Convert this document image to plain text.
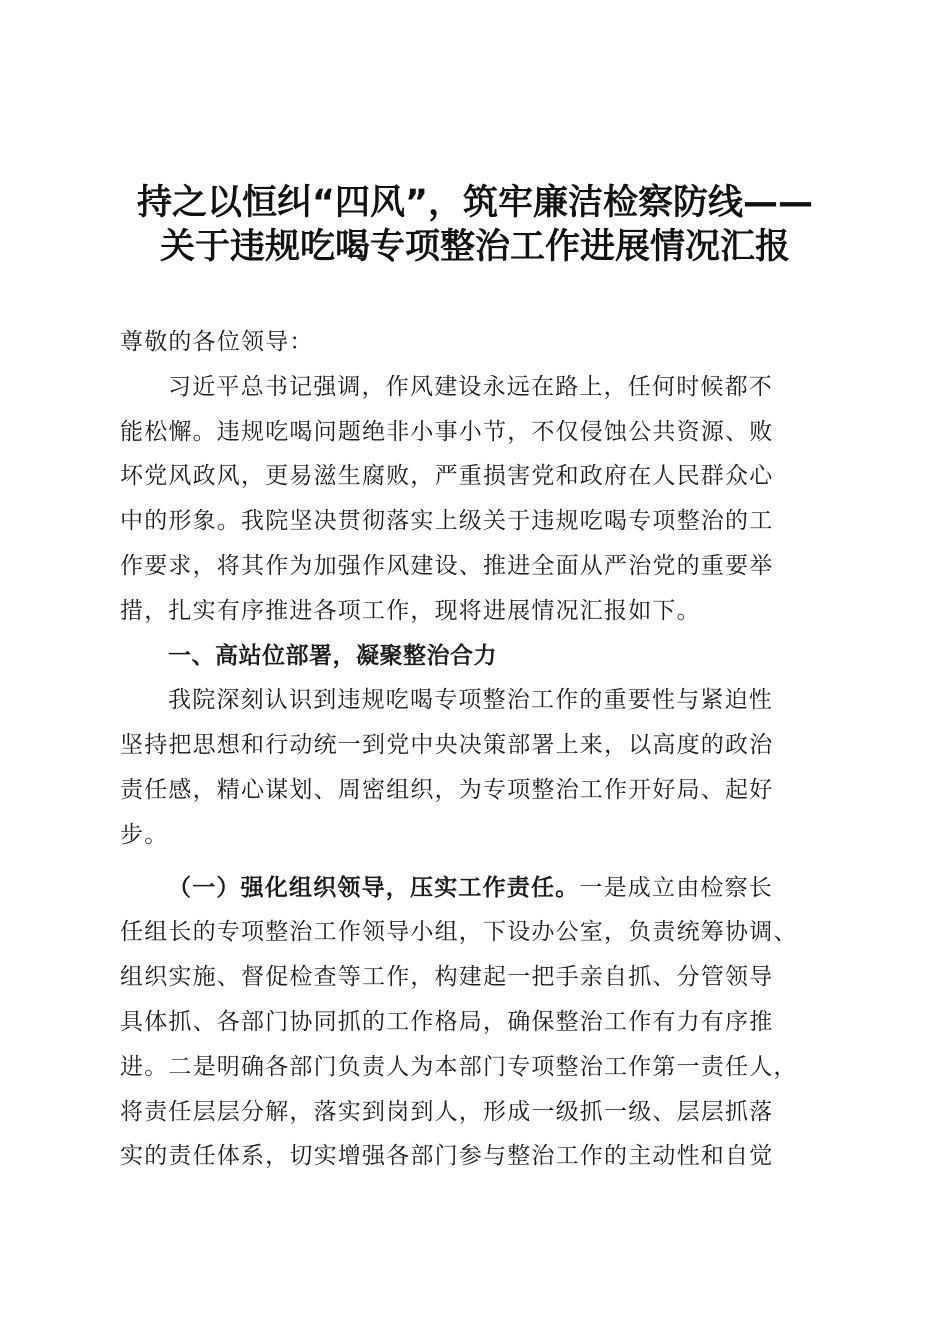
持之以恒纠“四风”，筑牢廉洁检察防线——
关于违规吃喝专项整治工作进展情况汇报
尊敬的各位领导：
习近平总书记强调，作风建设永远在路上，任何时候都不
能松懈。违规吃喝问题绝非小事小节，不仅侵蚀公共资源、败
坏党风政风，更易滋生腐败，严重损害党和政府在人民群众心
中的形象。我院坚决贯彻落实上级关于违规吃喝专项整治的工
作要求，将其作为加强作风建设、推进全面从严治党的重要举
措，扎实有序推进各项工作，现将进展情况汇报如下。
一、高站位部署，凝聚整治合力
我院深刻认识到违规吃喝专项整治工作的重要性与紧迫性
坚持把思想和行动统一到党中央决策部署上来，以高度的政治
责任感，精心谋划、周密组织，为专项整治工作开好局、起好
步。
（一）强化组织领导，压实工作责任。一是成立由检察长
任组长的专项整治工作领导小组，下设办公室，负责统筹协调、
组织实施、督促检查等工作，构建起一把手亲自抓、分管领导
具体抓、各部门协同抓的工作格局，确保整治工作有力有序推
进。二是明确各部门负责人为本部门专项整治工作第一责任人，
将责任层层分解，落实到岗到人，形成一级抓一级、层层抓落
实的责任体系，切实增强各部门参与整治工作的主动性和自觉
